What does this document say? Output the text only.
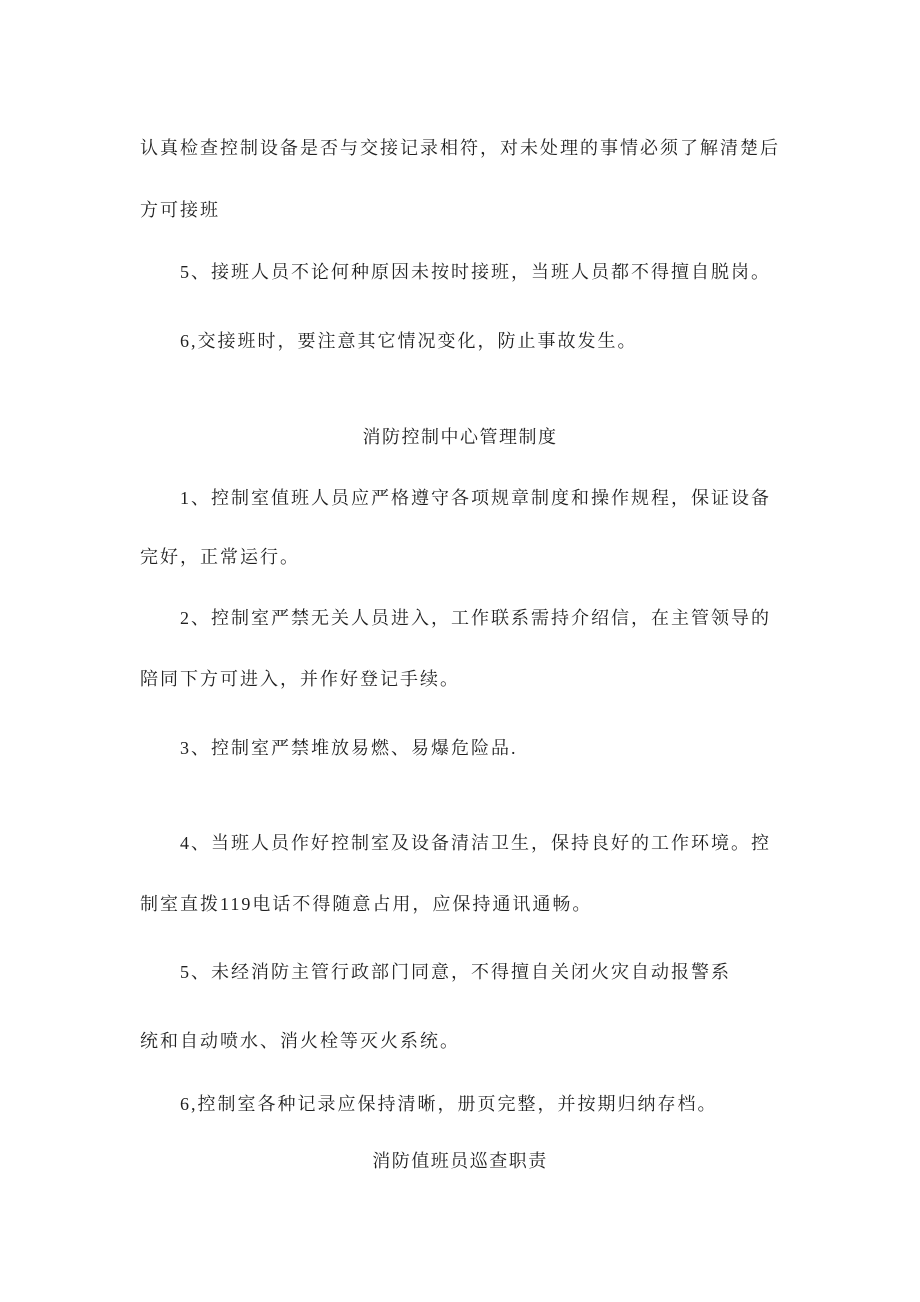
认真检查控制设备是否与交接记录相符，对未处理的事情必须了解清楚后
方可接班
5、接班人员不论何种原因未按时接班，当班人员都不得擅自脱岗。
6,交接班时，要注意其它情况变化，防止事故发生。
消防控制中心管理制度
1、控制室值班人员应严格遵守各项规章制度和操作规程，保证设备
完好，正常运行。
2、控制室严禁无关人员进入，工作联系需持介绍信，在主管领导的
陪同下方可进入，并作好登记手续。
3、控制室严禁堆放易燃、易爆危险品.
4、当班人员作好控制室及设备清洁卫生，保持良好的工作环境。控
制室直拨119电话不得随意占用，应保持通讯通畅。
5、未经消防主管行政部门同意，不得擅自关闭火灾自动报警系
统和自动喷水、消火栓等灭火系统。
6,控制室各种记录应保持清晰，册页完整，并按期归纳存档。
消防值班员巡查职责
